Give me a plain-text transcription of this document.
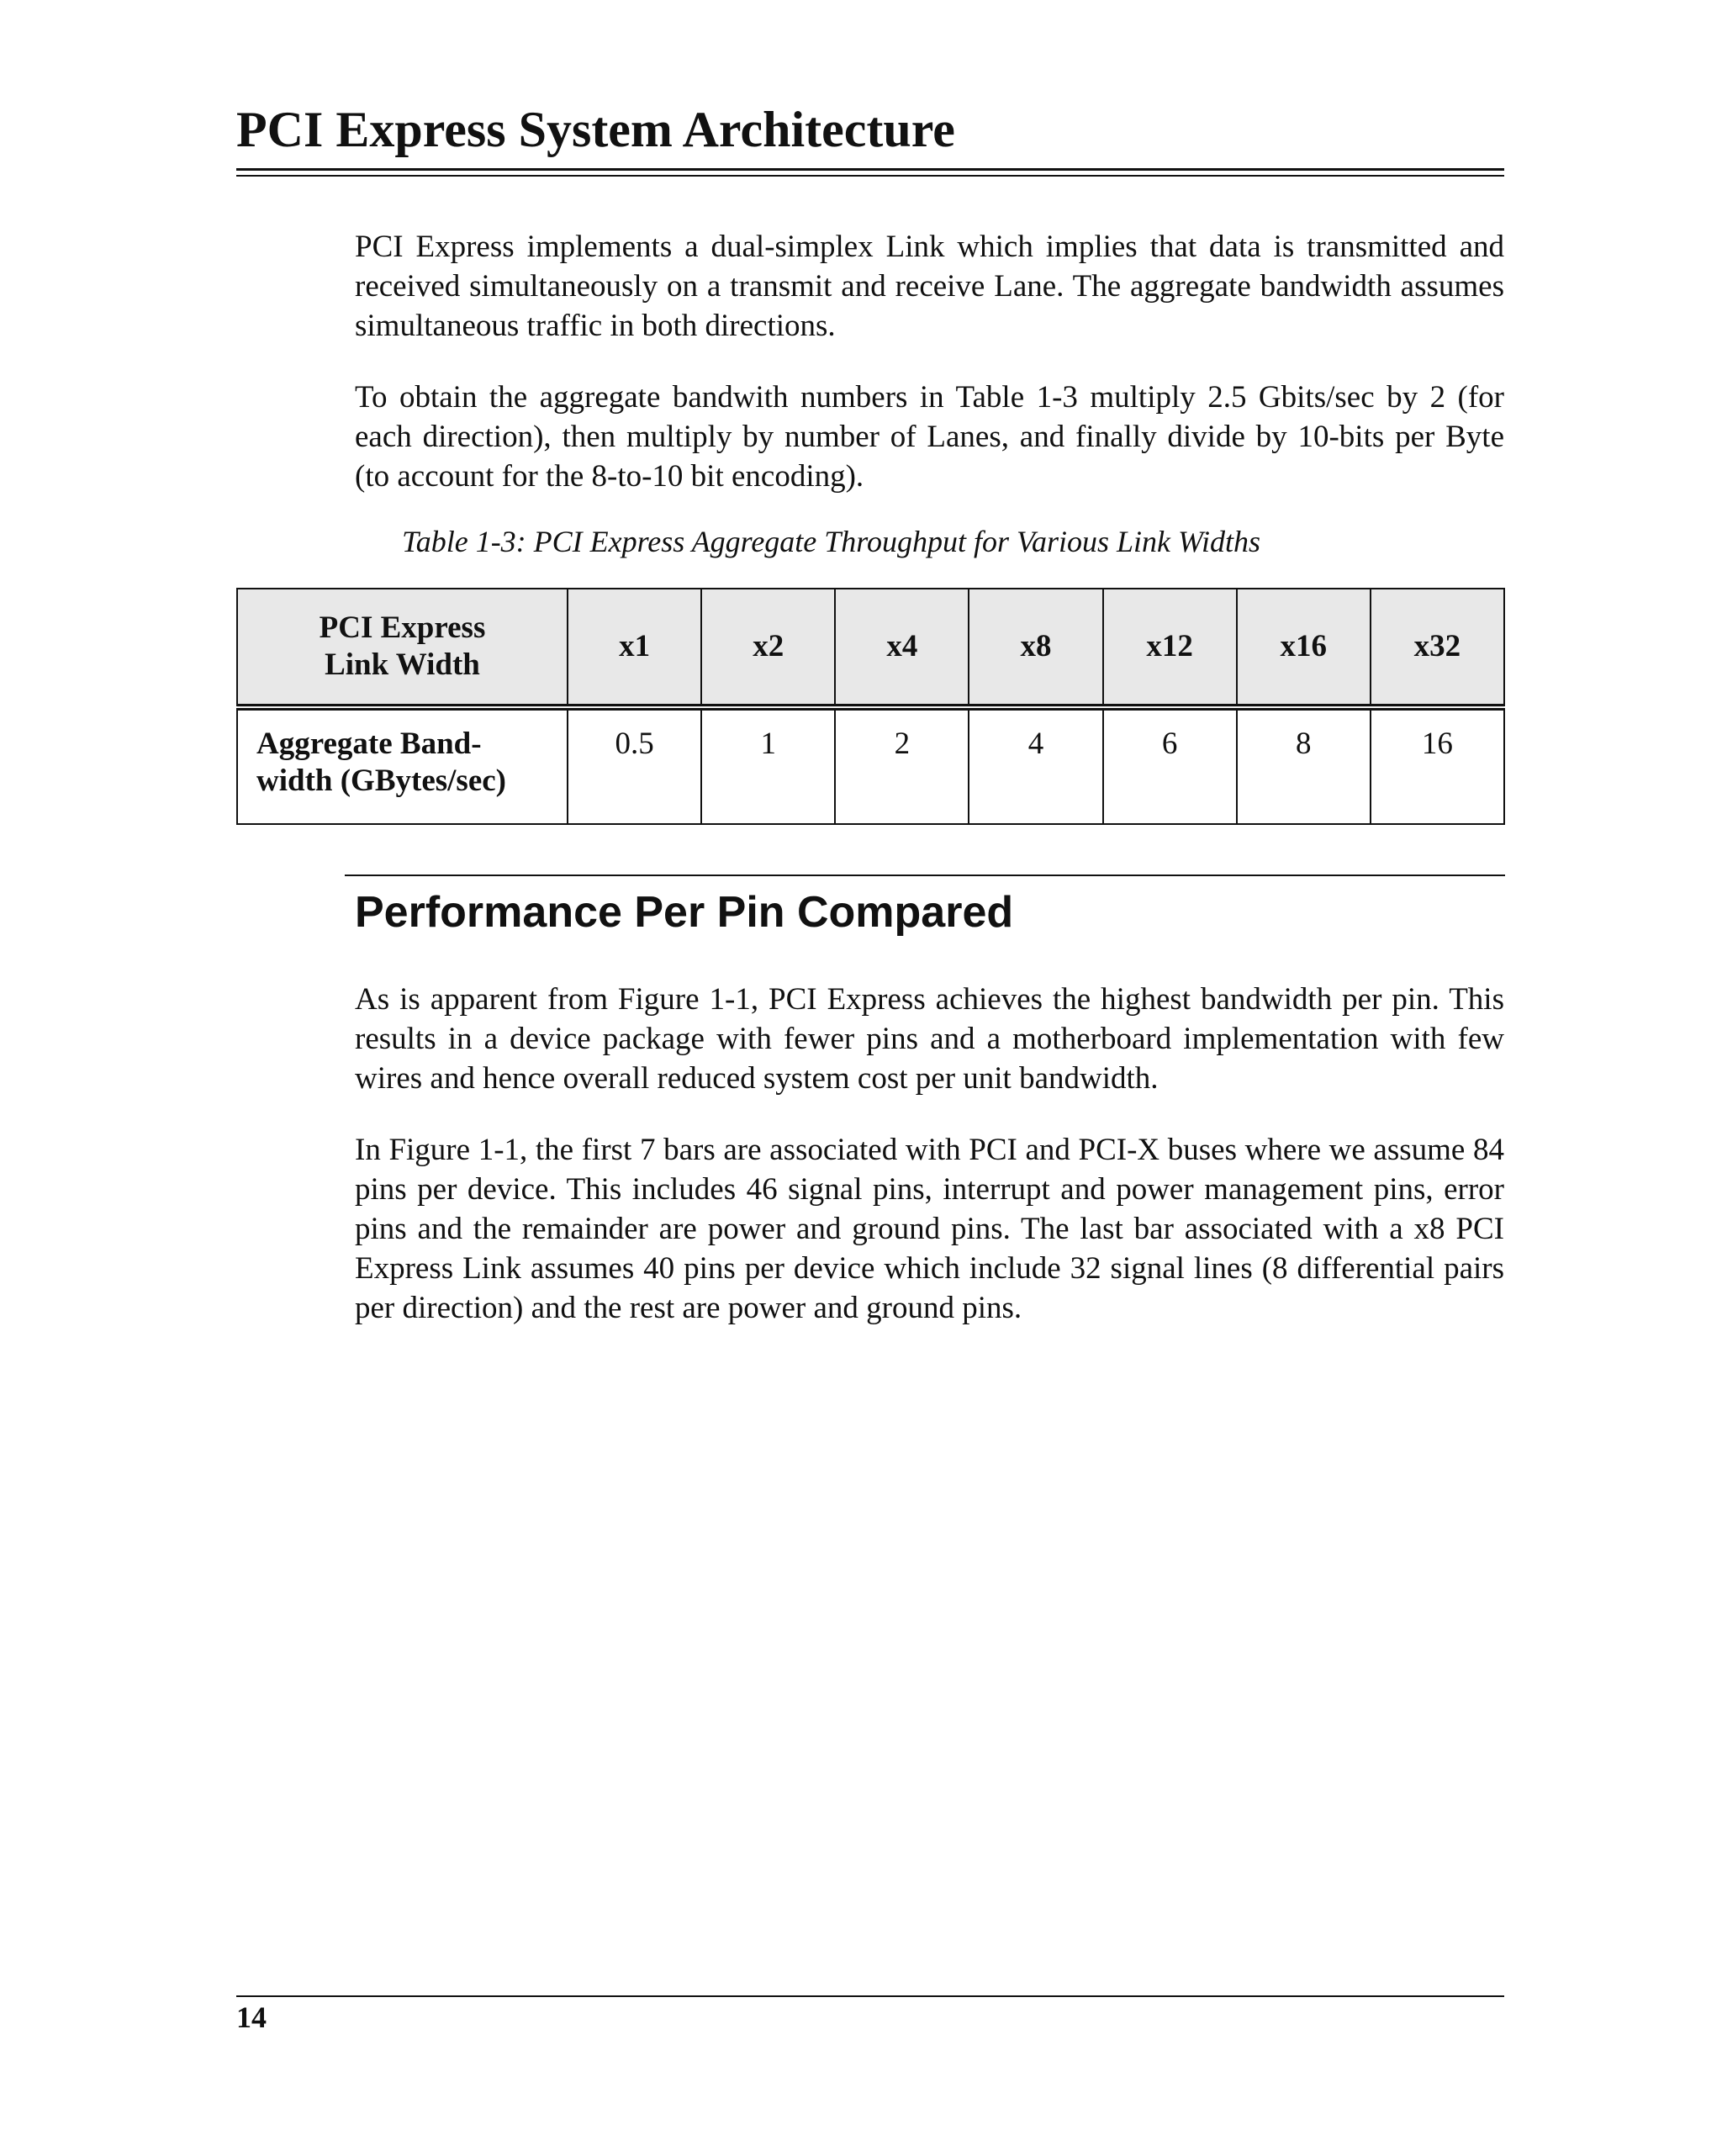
PCI Express System Architecture

PCI Express implements a dual-simplex Link which implies that data is transmitted and received simultaneously on a transmit and receive Lane. The aggregate bandwidth assumes simultaneous traffic in both directions.

To obtain the aggregate bandwith numbers in Table 1-3 multiply 2.5 Gbits/sec by 2 (for each direction), then multiply by number of Lanes, and finally divide by 10-bits per Byte (to account for the 8-to-10 bit encoding).

Table 1-3: PCI Express Aggregate Throughput for Various Link Widths
PCI Express
Link Width	x1	x2	x4	x8	x12	x16	x32
Aggregate Band-
width (GBytes/sec)	0.5	1	2	4	6	8	16
Performance Per Pin Compared

As is apparent from Figure 1-1, PCI Express achieves the highest bandwidth per pin. This results in a device package with fewer pins and a motherboard implementation with few wires and hence overall reduced system cost per unit bandwidth.

In Figure 1-1, the first 7 bars are associated with PCI and PCI-X buses where we assume 84 pins per device. This includes 46 signal pins, interrupt and power management pins, error pins and the remainder are power and ground pins. The last bar associated with a x8 PCI Express Link assumes 40 pins per device which include 32 signal lines (8 differential pairs per direction) and the rest are power and ground pins.

14
